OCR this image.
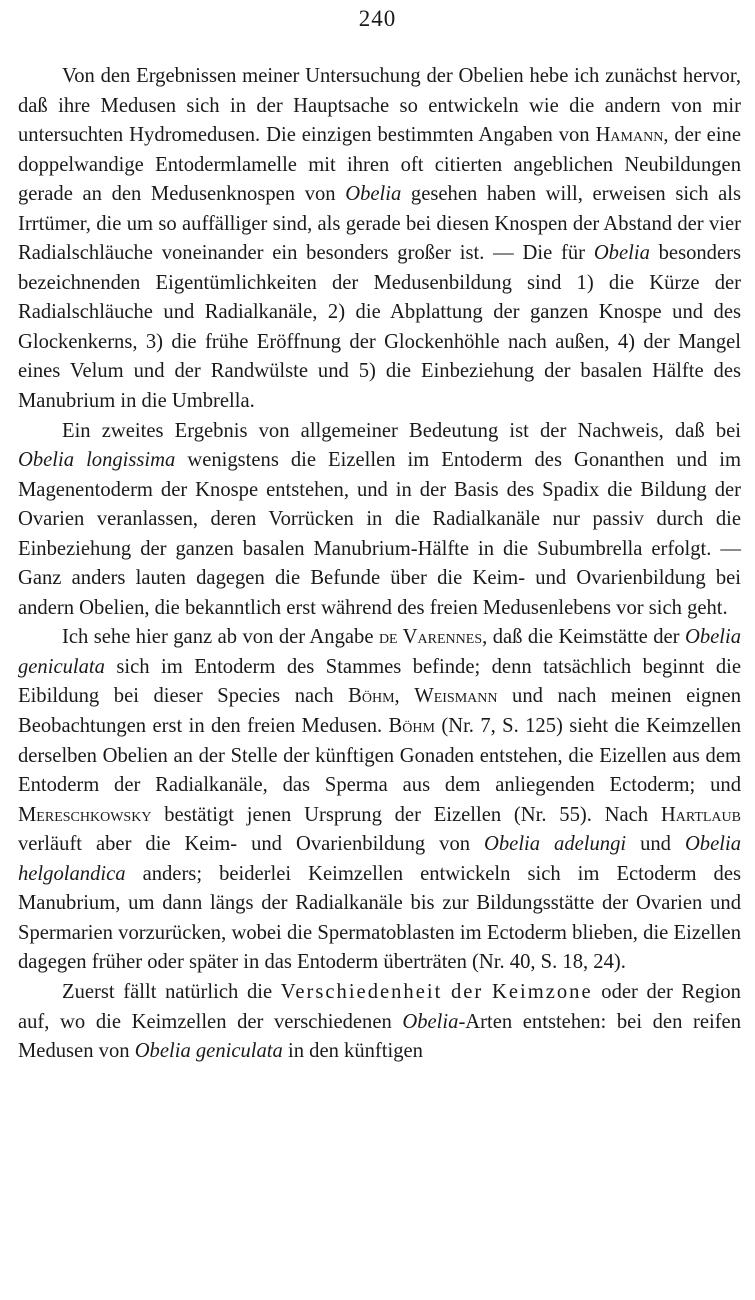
240

Von den Ergebnissen meiner Untersuchung der Obelien hebe ich zunächst hervor, daß ihre Medusen sich in der Hauptsache so entwickeln wie die andern von mir untersuchten Hydromedusen. Die einzigen bestimmten Angaben von Hamann, der eine doppelwandige Entodermlamelle mit ihren oft citierten angeblichen Neubildungen gerade an den Medusenknospen von Obelia gesehen haben will, erweisen sich als Irrtümer, die um so auffälliger sind, als gerade bei diesen Knospen der Abstand der vier Radialschläuche voneinander ein besonders großer ist. — Die für Obelia besonders bezeichnenden Eigentümlichkeiten der Medusenbildung sind 1) die Kürze der Radialschläuche und Radialkanäle, 2) die Abplattung der ganzen Knospe und des Glockenkerns, 3) die frühe Eröffnung der Glockenhöhle nach außen, 4) der Mangel eines Velum und der Randwülste und 5) die Einbeziehung der basalen Hälfte des Manubrium in die Umbrella.

Ein zweites Ergebnis von allgemeiner Bedeutung ist der Nachweis, daß bei Obelia longissima wenigstens die Eizellen im Entoderm des Gonanthen und im Magenentoderm der Knospe entstehen, und in der Basis des Spadix die Bildung der Ovarien veranlassen, deren Vorrücken in die Radialkanäle nur passiv durch die Einbeziehung der ganzen basalen Manubrium-Hälfte in die Subumbrella erfolgt. — Ganz anders lauten dagegen die Befunde über die Keim- und Ovarienbildung bei andern Obelien, die bekanntlich erst während des freien Medusenlebens vor sich geht.

Ich sehe hier ganz ab von der Angabe de Varennes, daß die Keimstätte der Obelia geniculata sich im Entoderm des Stammes befinde; denn tatsächlich beginnt die Eibildung bei dieser Species nach Böhm, Weismann und nach meinen eignen Beobachtungen erst in den freien Medusen. Böhm (Nr. 7, S. 125) sieht die Keimzellen derselben Obelien an der Stelle der künftigen Gonaden entstehen, die Eizellen aus dem Entoderm der Radialkanäle, das Sperma aus dem anliegenden Ectoderm; und Mereschkowsky bestätigt jenen Ursprung der Eizellen (Nr. 55). Nach Hartlaub verläuft aber die Keim- und Ovarienbildung von Obelia adelungi und Obelia helgolandica anders; beiderlei Keimzellen entwickeln sich im Ectoderm des Manubrium, um dann längs der Radialkanäle bis zur Bildungsstätte der Ovarien und Spermarien vorzurücken, wobei die Spermatoblasten im Ectoderm blieben, die Eizellen dagegen früher oder später in das Entoderm überträten (Nr. 40, S. 18, 24).

Zuerst fällt natürlich die Verschiedenheit der Keimzone oder der Region auf, wo die Keimzellen der verschiedenen Obelia-Arten entstehen: bei den reifen Medusen von Obelia geniculata in den künftigen
